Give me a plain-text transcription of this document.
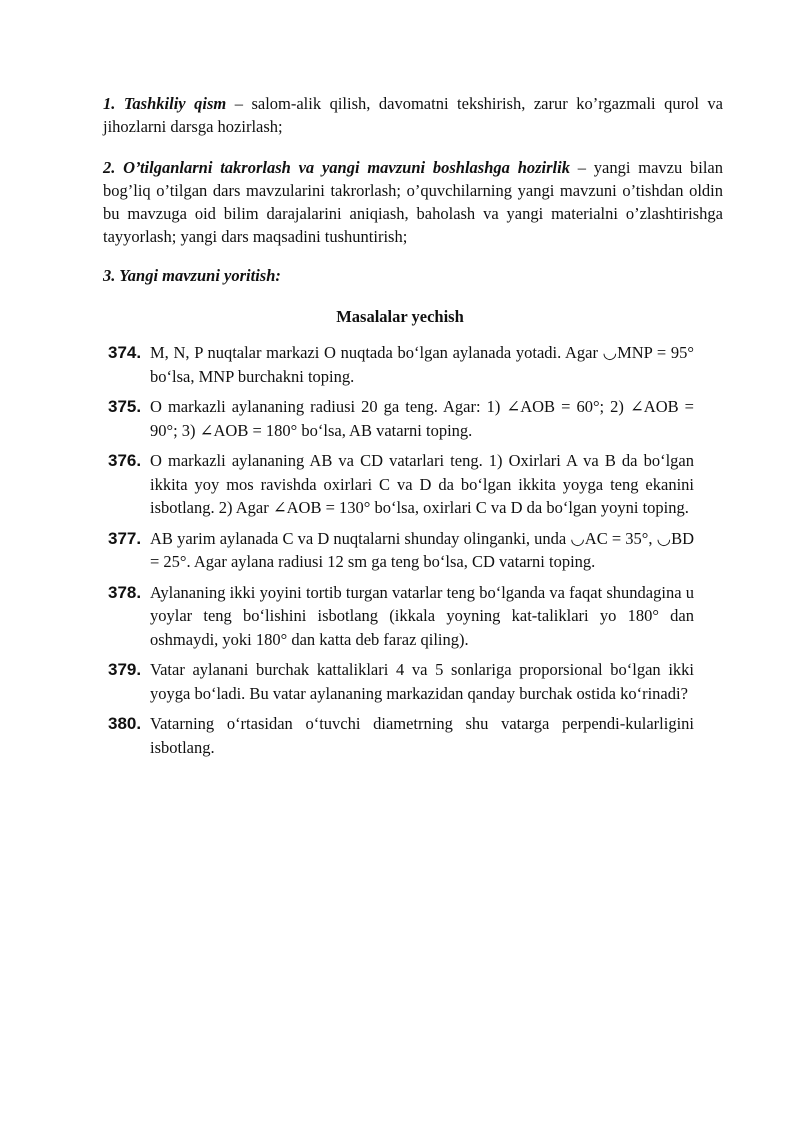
1. Tashkiliy qism – salom-alik qilish, davomatni tekshirish, zarur ko’rgazmali qurol va jihozlarni darsga hozirlash;

2. O’tilganlarni takrorlash va yangi mavzuni boshlashga hozirlik – yangi mavzu bilan bog’liq o’tilgan dars mavzularini takrorlash; o’quvchilarning yangi mavzuni o’tishdan oldin bu mavzuga oid bilim darajalarini aniqiash, baholash va yangi materialni o’zlashtirishga tayyorlash; yangi dars maqsadini tushuntirish;

3. Yangi mavzuni yoritish:

Masalalar yechish
374. M, N, P nuqtalar markazi O nuqtada bo‘lgan aylanada yotadi. Agar ◡MNP = 95° bo‘lsa, MNP burchakni toping.
375. O markazli aylananing radiusi 20 ga teng. Agar: 1) ∠AOB = 60°; 2) ∠AOB = 90°; 3) ∠AOB = 180° bo‘lsa, AB vatarni toping.
376. O markazli aylananing AB va CD vatarlari teng. 1) Oxirlari A va B da bo‘lgan ikkita yoy mos ravishda oxirlari C va D da bo‘lgan ikkita yoyga teng ekanini isbotlang. 2) Agar ∠AOB = 130° bo‘lsa, oxirlari C va D da bo‘lgan yoyni toping.
377. AB yarim aylanada C va D nuqtalarni shunday olinganki, unda ◡AC = 35°, ◡BD = 25°. Agar aylana radiusi 12 sm ga teng bo‘lsa, CD vatarni toping.
378. Aylananing ikki yoyini tortib turgan vatarlar teng bo‘lganda va faqat shundagina u yoylar teng bo‘lishini isbotlang (ikkala yoyning kat-taliklari yo 180° dan oshmaydi, yoki 180° dan katta deb faraz qiling).
379. Vatar aylanani burchak kattaliklari 4 va 5 sonlariga proporsional bo‘lgan ikki yoyga bo‘ladi. Bu vatar aylananing markazidan qanday burchak ostida ko‘rinadi?
380. Vatarning o‘rtasidan o‘tuvchi diametrning shu vatarga perpendi-kularligini isbotlang.
